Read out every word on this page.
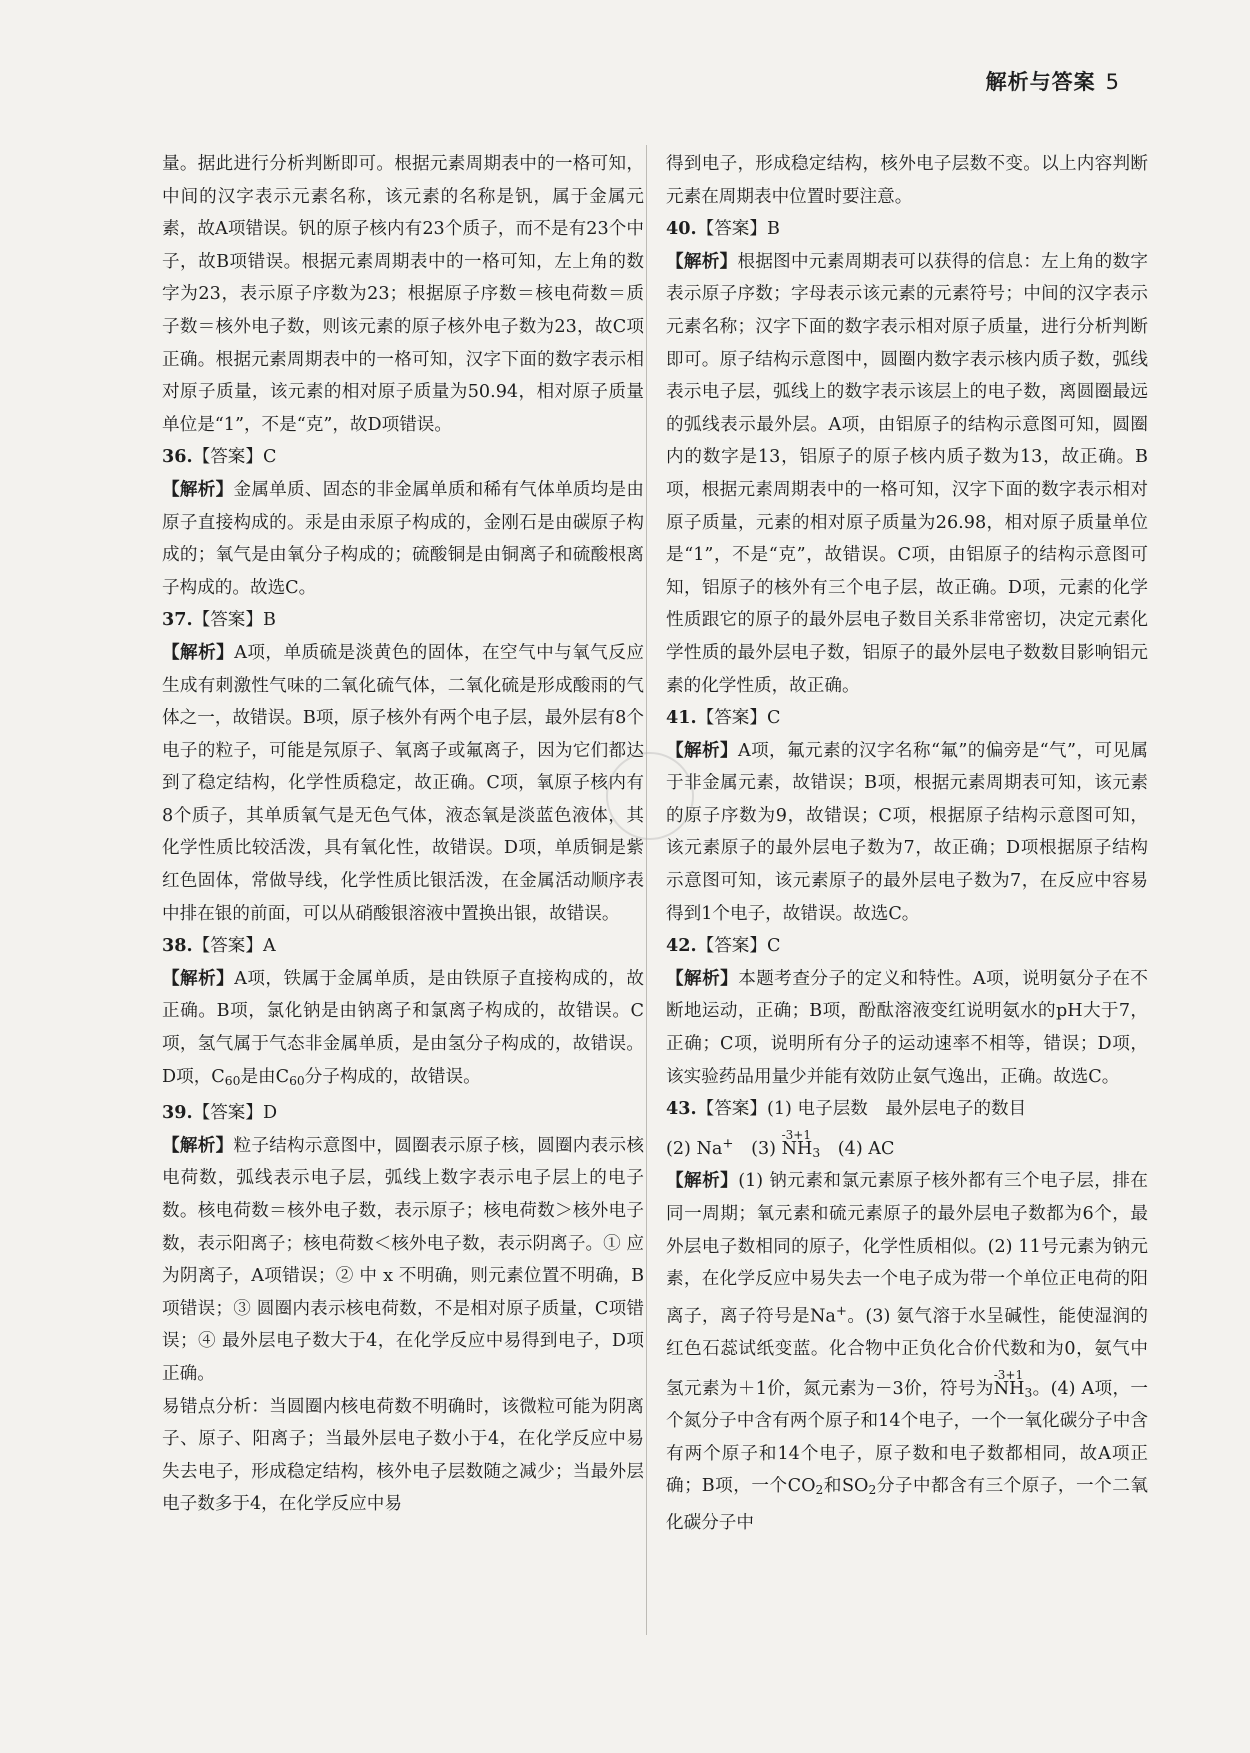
解析与答案 5

量。据此进行分析判断即可。根据元素周期表中的一格可知，中间的汉字表示元素名称，该元素的名称是钒，属于金属元素，故A项错误。钒的原子核内有23个质子，而不是有23个中子，故B项错误。根据元素周期表中的一格可知，左上角的数字为23，表示原子序数为23；根据原子序数＝核电荷数＝质子数＝核外电子数，则该元素的原子核外电子数为23，故C项正确。根据元素周期表中的一格可知，汉字下面的数字表示相对原子质量，该元素的相对原子质量为50.94，相对原子质量单位是“1”，不是“克”，故D项错误。

36.【答案】C

【解析】金属单质、固态的非金属单质和稀有气体单质均是由原子直接构成的。汞是由汞原子构成的，金刚石是由碳原子构成的；氧气是由氧分子构成的；硫酸铜是由铜离子和硫酸根离子构成的。故选C。

37.【答案】B

【解析】A项，单质硫是淡黄色的固体，在空气中与氧气反应生成有刺激性气味的二氧化硫气体，二氧化硫是形成酸雨的气体之一，故错误。B项，原子核外有两个电子层，最外层有8个电子的粒子，可能是氖原子、氧离子或氟离子，因为它们都达到了稳定结构，化学性质稳定，故正确。C项，氧原子核内有8个质子，其单质氧气是无色气体，液态氧是淡蓝色液体，其化学性质比较活泼，具有氧化性，故错误。D项，单质铜是紫红色固体，常做导线，化学性质比银活泼，在金属活动顺序表中排在银的前面，可以从硝酸银溶液中置换出银，故错误。

38.【答案】A

【解析】A项，铁属于金属单质，是由铁原子直接构成的，故正确。B项，氯化钠是由钠离子和氯离子构成的，故错误。C项，氢气属于气态非金属单质，是由氢分子构成的，故错误。D项，$C_{60}$是由$C_{60}$分子构成的，故错误。

39.【答案】D

【解析】粒子结构示意图中，圆圈表示原子核，圆圈内表示核电荷数，弧线表示电子层，弧线上数字表示电子层上的电子数。核电荷数＝核外电子数，表示原子；核电荷数＞核外电子数，表示阳离子；核电荷数＜核外电子数，表示阴离子。① 应为阴离子，A项错误；② 中 x 不明确，则元素位置不明确，B项错误；③ 圆圈内表示核电荷数，不是相对原子质量，C项错误；④ 最外层电子数大于4，在化学反应中易得到电子，D项正确。

易错点分析：当圆圈内核电荷数不明确时，该微粒可能为阴离子、原子、阳离子；当最外层电子数小于4，在化学反应中易失去电子，形成稳定结构，核外电子层数随之减少；当最外层电子数多于4，在化学反应中易

得到电子，形成稳定结构，核外电子层数不变。以上内容判断元素在周期表中位置时要注意。

40.【答案】B

【解析】根据图中元素周期表可以获得的信息：左上角的数字表示原子序数；字母表示该元素的元素符号；中间的汉字表示元素名称；汉字下面的数字表示相对原子质量，进行分析判断即可。原子结构示意图中，圆圈内数字表示核内质子数，弧线表示电子层，弧线上的数字表示该层上的电子数，离圆圈最远的弧线表示最外层。A项，由铝原子的结构示意图可知，圆圈内的数字是13，铝原子的原子核内质子数为13，故正确。B项，根据元素周期表中的一格可知，汉字下面的数字表示相对原子质量，元素的相对原子质量为26.98，相对原子质量单位是“1”，不是“克”，故错误。C项，由铝原子的结构示意图可知，铝原子的核外有三个电子层，故正确。D项，元素的化学性质跟它的原子的最外层电子数目关系非常密切，决定元素化学性质的最外层电子数，铝原子的最外层电子数数目影响铝元素的化学性质，故正确。

41.【答案】C

【解析】A项，氟元素的汉字名称“氟”的偏旁是“气”，可见属于非金属元素，故错误；B项，根据元素周期表可知，该元素的原子序数为9，故错误；C项，根据原子结构示意图可知，该元素原子的最外层电子数为7，故正确；D项根据原子结构示意图可知，该元素原子的最外层电子数为7，在反应中容易得到1个电子，故错误。故选C。

42.【答案】C

【解析】本题考查分子的定义和特性。A项，说明氨分子在不断地运动，正确；B项，酚酞溶液变红说明氨水的pH大于7，正确；C项，说明所有分子的运动速率不相等，错误；D项，该实验药品用量少并能有效防止氨气逸出，正确。故选C。

43.【答案】(1) 电子层数　最外层电子的数目

(2) Na+　 (3)
-3+1
$NH_3$　 (4) AC

【解析】(1) 钠元素和氯元素原子核外都有三个电子层，排在同一周期；氧元素和硫元素原子的最外层电子数都为6个，最外层电子数相同的原子，化学性质相似。(2) 11号元素为钠元素，在化学反应中易失去一个电子成为带一个单位正电荷的阳离子，离子符号是Na+。(3) 氨气溶于水呈碱性，能使湿润的红色石蕊试纸变蓝。化合物中正负化合价代数和为0，氨气中氢元素为＋1价，氮元素为－3价，符号为
-3+1
$NH_3$。(4) A项，一个氮分子中含有两个原子和14个电子，一个一氧化碳分子中含有两个原子和14个电子，原子数和电子数都相同，故A项正确；B项，一个$CO_2$和$SO_2$分子中都含有三个原子，一个二氧化碳分子中
